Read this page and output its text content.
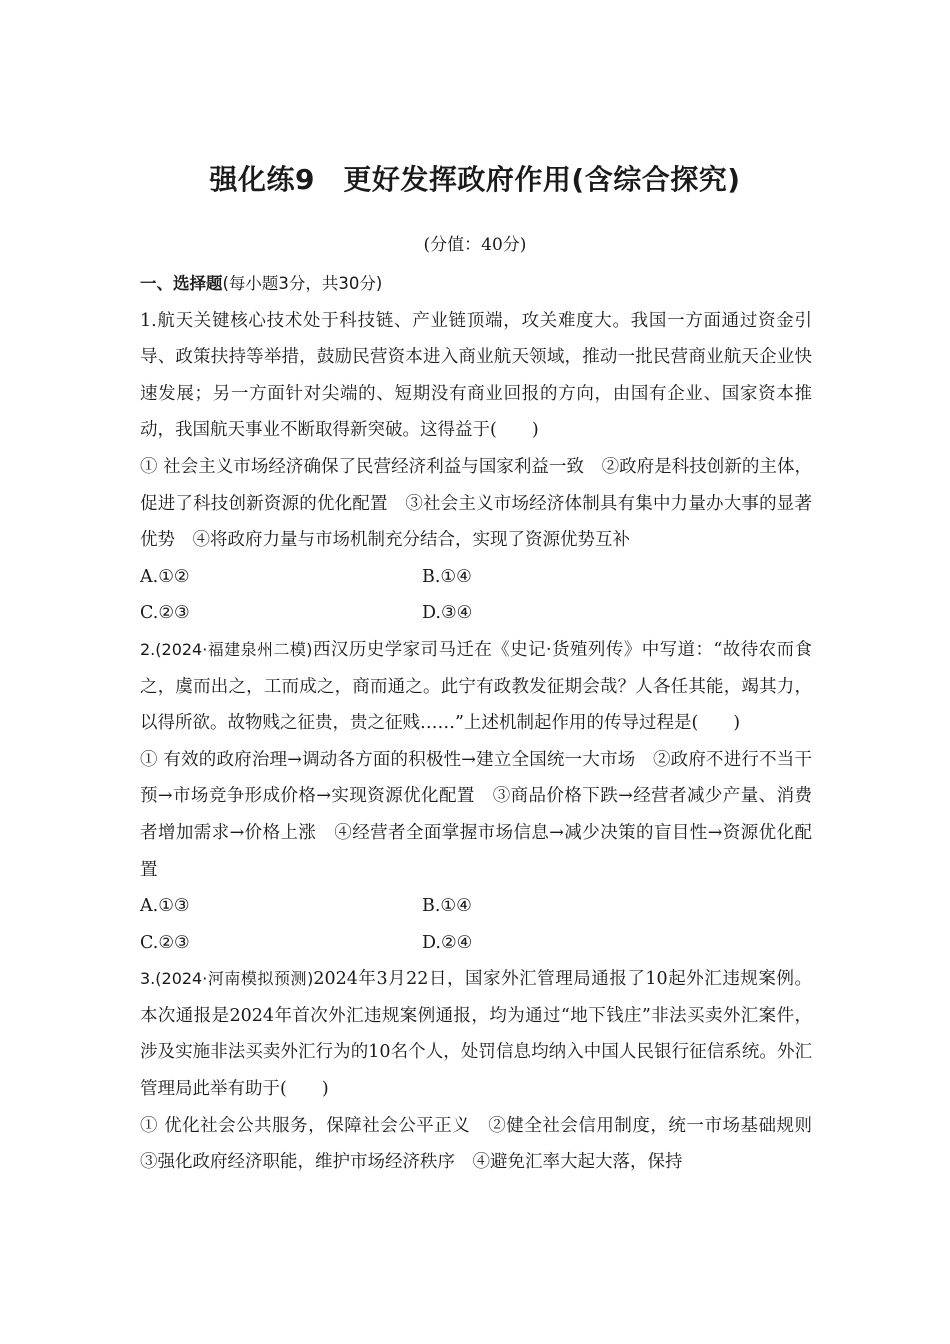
强化练9　更好发挥政府作用(含综合探究)
(分值：40分)
一、选择题(每小题3分，共30分)

1.航天关键核心技术处于科技链、产业链顶端，攻关难度大。我国一方面通过资金引导、政策扶持等举措，鼓励民营资本进入商业航天领域，推动一批民营商业航天企业快速发展；另一方面针对尖端的、短期没有商业回报的方向，由国有企业、国家资本推动，我国航天事业不断取得新突破。这得益于(　　)

① 社会主义市场经济确保了民营经济利益与国家利益一致　②政府是科技创新的主体，促进了科技创新资源的优化配置　③社会主义市场经济体制具有集中力量办大事的显著优势　④将政府力量与市场机制充分结合，实现了资源优势互补

A.①②	B.①④
C.②③	D.③④

2.(2024·福建泉州二模)西汉历史学家司马迁在《史记·货殖列传》中写道：“故待农而食之，虞而出之，工而成之，商而通之。此宁有政教发征期会哉？人各任其能，竭其力，以得所欲。故物贱之征贵，贵之征贱……”上述机制起作用的传导过程是(　　)

① 有效的政府治理→调动各方面的积极性→建立全国统一大市场　②政府不进行不当干预→市场竞争形成价格→实现资源优化配置　③商品价格下跌→经营者减少产量、消费者增加需求→价格上涨　④经营者全面掌握市场信息→减少决策的盲目性→资源优化配置

A.①③	B.①④
C.②③	D.②④

3.(2024·河南模拟预测)2024年3月22日，国家外汇管理局通报了10起外汇违规案例。本次通报是2024年首次外汇违规案例通报，均为通过“地下钱庄”非法买卖外汇案件，涉及实施非法买卖外汇行为的10名个人，处罚信息均纳入中国人民银行征信系统。外汇管理局此举有助于(　　)

① 优化社会公共服务，保障社会公平正义　②健全社会信用制度，统一市场基础规则　③强化政府经济职能，维护市场经济秩序　④避免汇率大起大落，保持
